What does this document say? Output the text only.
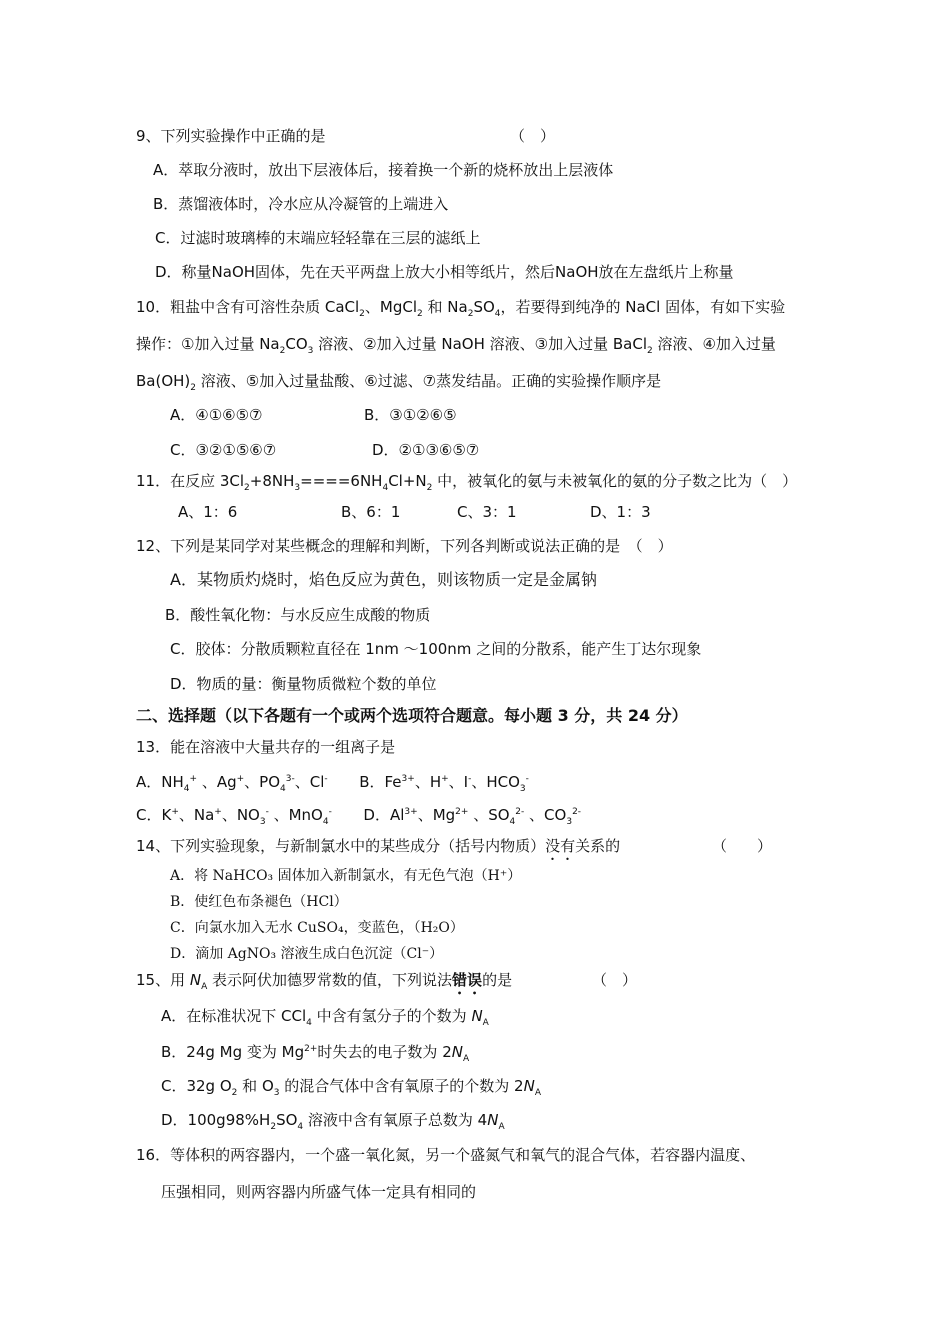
9、下列实验操作中正确的是	（　）
A．萃取分液时，放出下层液体后，接着换一个新的烧杯放出上层液体
B．蒸馏液体时，冷水应从冷凝管的上端进入
C．过滤时玻璃棒的末端应轻轻靠在三层的滤纸上
D．称量NaOH固体，先在天平两盘上放大小相等纸片，然后NaOH放在左盘纸片上称量
10．粗盐中含有可溶性杂质 CaCl$_2$、MgCl$_2$ 和 $Na_2SO_4$，若要得到纯净的 NaCl 固体，有如下实验
操作：①加入过量 $Na_2CO_3$ 溶液、②加入过量 NaOH 溶液、③加入过量 BaCl$_2$ 溶液、④加入过量
$Ba(OH)_2$ 溶液、⑤加入过量盐酸、⑥过滤、⑦蒸发结晶。正确的实验操作顺序是
A．④①⑥⑤⑦	B．③①②⑥⑤
C．③②①⑤⑥⑦	D．②①③⑥⑤⑦
11．在反应 $3Cl_2+8NH_3====6NH_4Cl+N_2$ 中，被氧化的氨与未被氧化的氨的分子数之比为（　）
A、1：6	B、6：1	C、3：1	D、1：3
12、下列是某同学对某些概念的理解和判断，下列各判断或说法正确的是　（　）
A．某物质灼烧时，焰色反应为黄色，则该物质一定是金属钠
B．酸性氧化物：与水反应生成酸的物质
C．胶体：分散质颗粒直径在 1nm ～100nm 之间的分散系，能产生丁达尔现象
D．物质的量：衡量物质微粒个数的单位
二、选择题（以下各题有一个或两个选项符合题意。每小题 3 分，共 24 分）
13．能在溶液中大量共存的一组离子是
A．$NH_4^+$ 、Ag+、$PO_4^{3-}$、Cl- B．$Fe^{3+}$、H+、I-、$HCO_3^-$
C．K+、Na+、$NO_3^-$ 、MnO$_4$- D．$Al^{3+}$、$Mg^{2+}$ 、$SO_4^{2-}$ 、$CO_3^{2-}$
14、下列实验现象，与新制氯水中的某些成分（括号内物质）没有关系的	（　　）
A．将 NaHCO₃ 固体加入新制氯水，有无色气泡（H⁺）
B．使红色布条褪色（HCl）
C．向氯水加入无水 CuSO₄，变蓝色，（H₂O）
D．滴加 AgNO₃ 溶液生成白色沉淀（Cl⁻）
15、用 $N_A$ 表示阿伏加德罗常数的值，下列说法错误的是	（　）
A．在标准状况下 CCl$_4$ 中含有氢分子的个数为 $N_A$
B．24g Mg 变为 $Mg^{2+}$时失去的电子数为 $2N_A$
C．32g $O_2$ 和 $O_3$ 的混合气体中含有氧原子的个数为 $2N_A$
D．$100g98\%H_2SO_4$ 溶液中含有氧原子总数为 $4N_A$
16．等体积的两容器内，一个盛一氧化氮，另一个盛氮气和氧气的混合气体，若容器内温度、
压强相同，则两容器内所盛气体一定具有相同的
